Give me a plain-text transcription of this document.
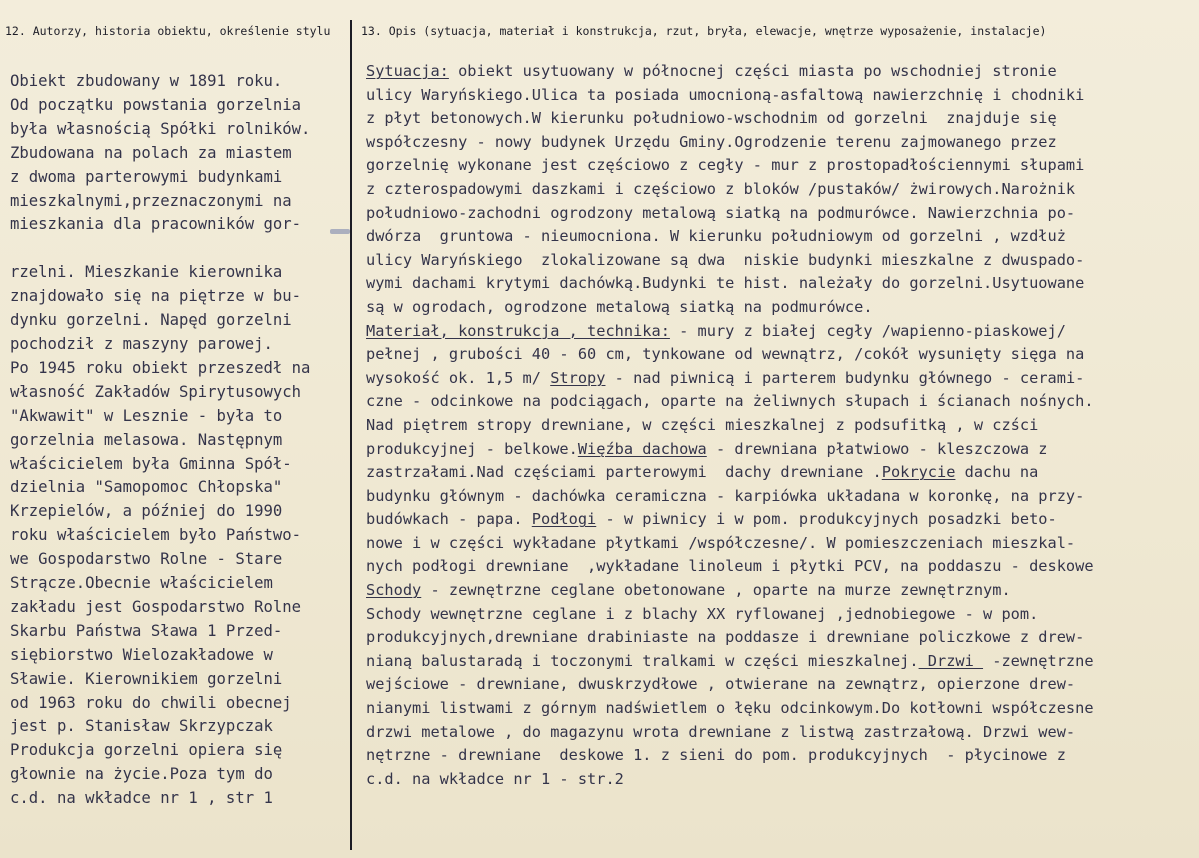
12. Autorzy, historia obiektu, określenie stylu	13. Opis (sytuacja, materiał i konstrukcja, rzut, bryła, elewacje, wnętrze wyposażenie, instalacje)
Obiekt zbudowany w 1891 roku.
Od początku powstania gorzelnia
była własnością Spółki rolników.
Zbudowana na polach za miastem
z dwoma parterowymi budynkami
mieszkalnymi,przeznaczonymi na
mieszkania dla pracowników gor-

rzelni. Mieszkanie kierownika
znajdowało się na piętrze w bu-
dynku gorzelni. Napęd gorzelni
pochodził z maszyny parowej.
Po 1945 roku obiekt przeszedł na
własność Zakładów Spirytusowych
"Akwawit" w Lesznie - była to
gorzelnia melasowa. Następnym
właścicielem była Gminna Spół-
dzielnia "Samopomoc Chłopska"
Krzepielów, a później do 1990
roku właścicielem było Państwo-
we Gospodarstwo Rolne - Stare
Strącze.Obecnie właścicielem
zakładu jest Gospodarstwo Rolne
Skarbu Państwa Sława 1 Przed-
siębiorstwo Wielozakładowe w
Sławie. Kierownikiem gorzelni
od 1963 roku do chwili obecnej
jest p. Stanisław Skrzypczak
Produkcja gorzelni opiera się
głownie na życie.Poza tym do
c.d. na wkładce nr 1 , str 1
Sytuacja: obiekt usytuowany w północnej części miasta po wschodniej stronie
ulicy Waryńskiego.Ulica ta posiada umocnioną-asfaltową nawierzchnię i chodniki
z płyt betonowych.W kierunku południowo-wschodnim od gorzelni  znajduje się
współczesny - nowy budynek Urzędu Gminy.Ogrodzenie terenu zajmowanego przez
gorzelnię wykonane jest częściowo z cegły - mur z prostopadłościennymi słupami
z czterospadowymi daszkami i częściowo z bloków /pustaków/ żwirowych.Narożnik
południowo-zachodni ogrodzony metalową siatką na podmurówce. Nawierzchnia po-
dwórza  gruntowa - nieumocniona. W kierunku południowym od gorzelni , wzdłuż
ulicy Waryńskiego  zlokalizowane są dwa  niskie budynki mieszkalne z dwuspado-
wymi dachami krytymi dachówką.Budynki te hist. należały do gorzelni.Usytuowane
są w ogrodach, ogrodzone metalową siatką na podmurówce.
Materiał, konstrukcja , technika: - mury z białej cegły /wapienno-piaskowej/
pełnej , grubości 40 - 60 cm, tynkowane od wewnątrz, /cokół wysunięty sięga na
wysokość ok. 1,5 m/ Stropy - nad piwnicą i parterem budynku głównego - cerami-
czne - odcinkowe na podciągach, oparte na żeliwnych słupach i ścianach nośnych.
Nad piętrem stropy drewniane, w części mieszkalnej z podsufitką , w czści
produkcyjnej - belkowe.Więźba dachowa - drewniana płatwiowo - kleszczowa z
zastrzałami.Nad częściami parterowymi  dachy drewniane .Pokrycie dachu na
budynku głównym - dachówka ceramiczna - karpiówka układana w koronkę, na przy-
budówkach - papa. Podłogi - w piwnicy i w pom. produkcyjnych posadzki beto-
nowe i w części wykładane płytkami /współczesne/. W pomieszczeniach mieszkal-
nych podłogi drewniane  ,wykładane linoleum i płytki PCV, na poddaszu - deskowe
Schody - zewnętrzne ceglane obetonowane , oparte na murze zewnętrznym.
Schody wewnętrzne ceglane i z blachy XX ryflowanej ,jednobiegowe - w pom.
produkcyjnych,drewniane drabiniaste na poddasze i drewniane policzkowe z drew-
nianą balustaradą i toczonymi tralkami w części mieszkalnej. Drzwi  -zewnętrzne
wejściowe - drewniane, dwuskrzydłowe , otwierane na zewnątrz, opierzone drew-
nianymi listwami z górnym nadświetlem o łęku odcinkowym.Do kotłowni współczesne
drzwi metalowe , do magazynu wrota drewniane z listwą zastrzałową. Drzwi wew-
nętrzne - drewniane  deskowe 1. z sieni do pom. produkcyjnych  - płycinowe z
c.d. na wkładce nr 1 - str.2
